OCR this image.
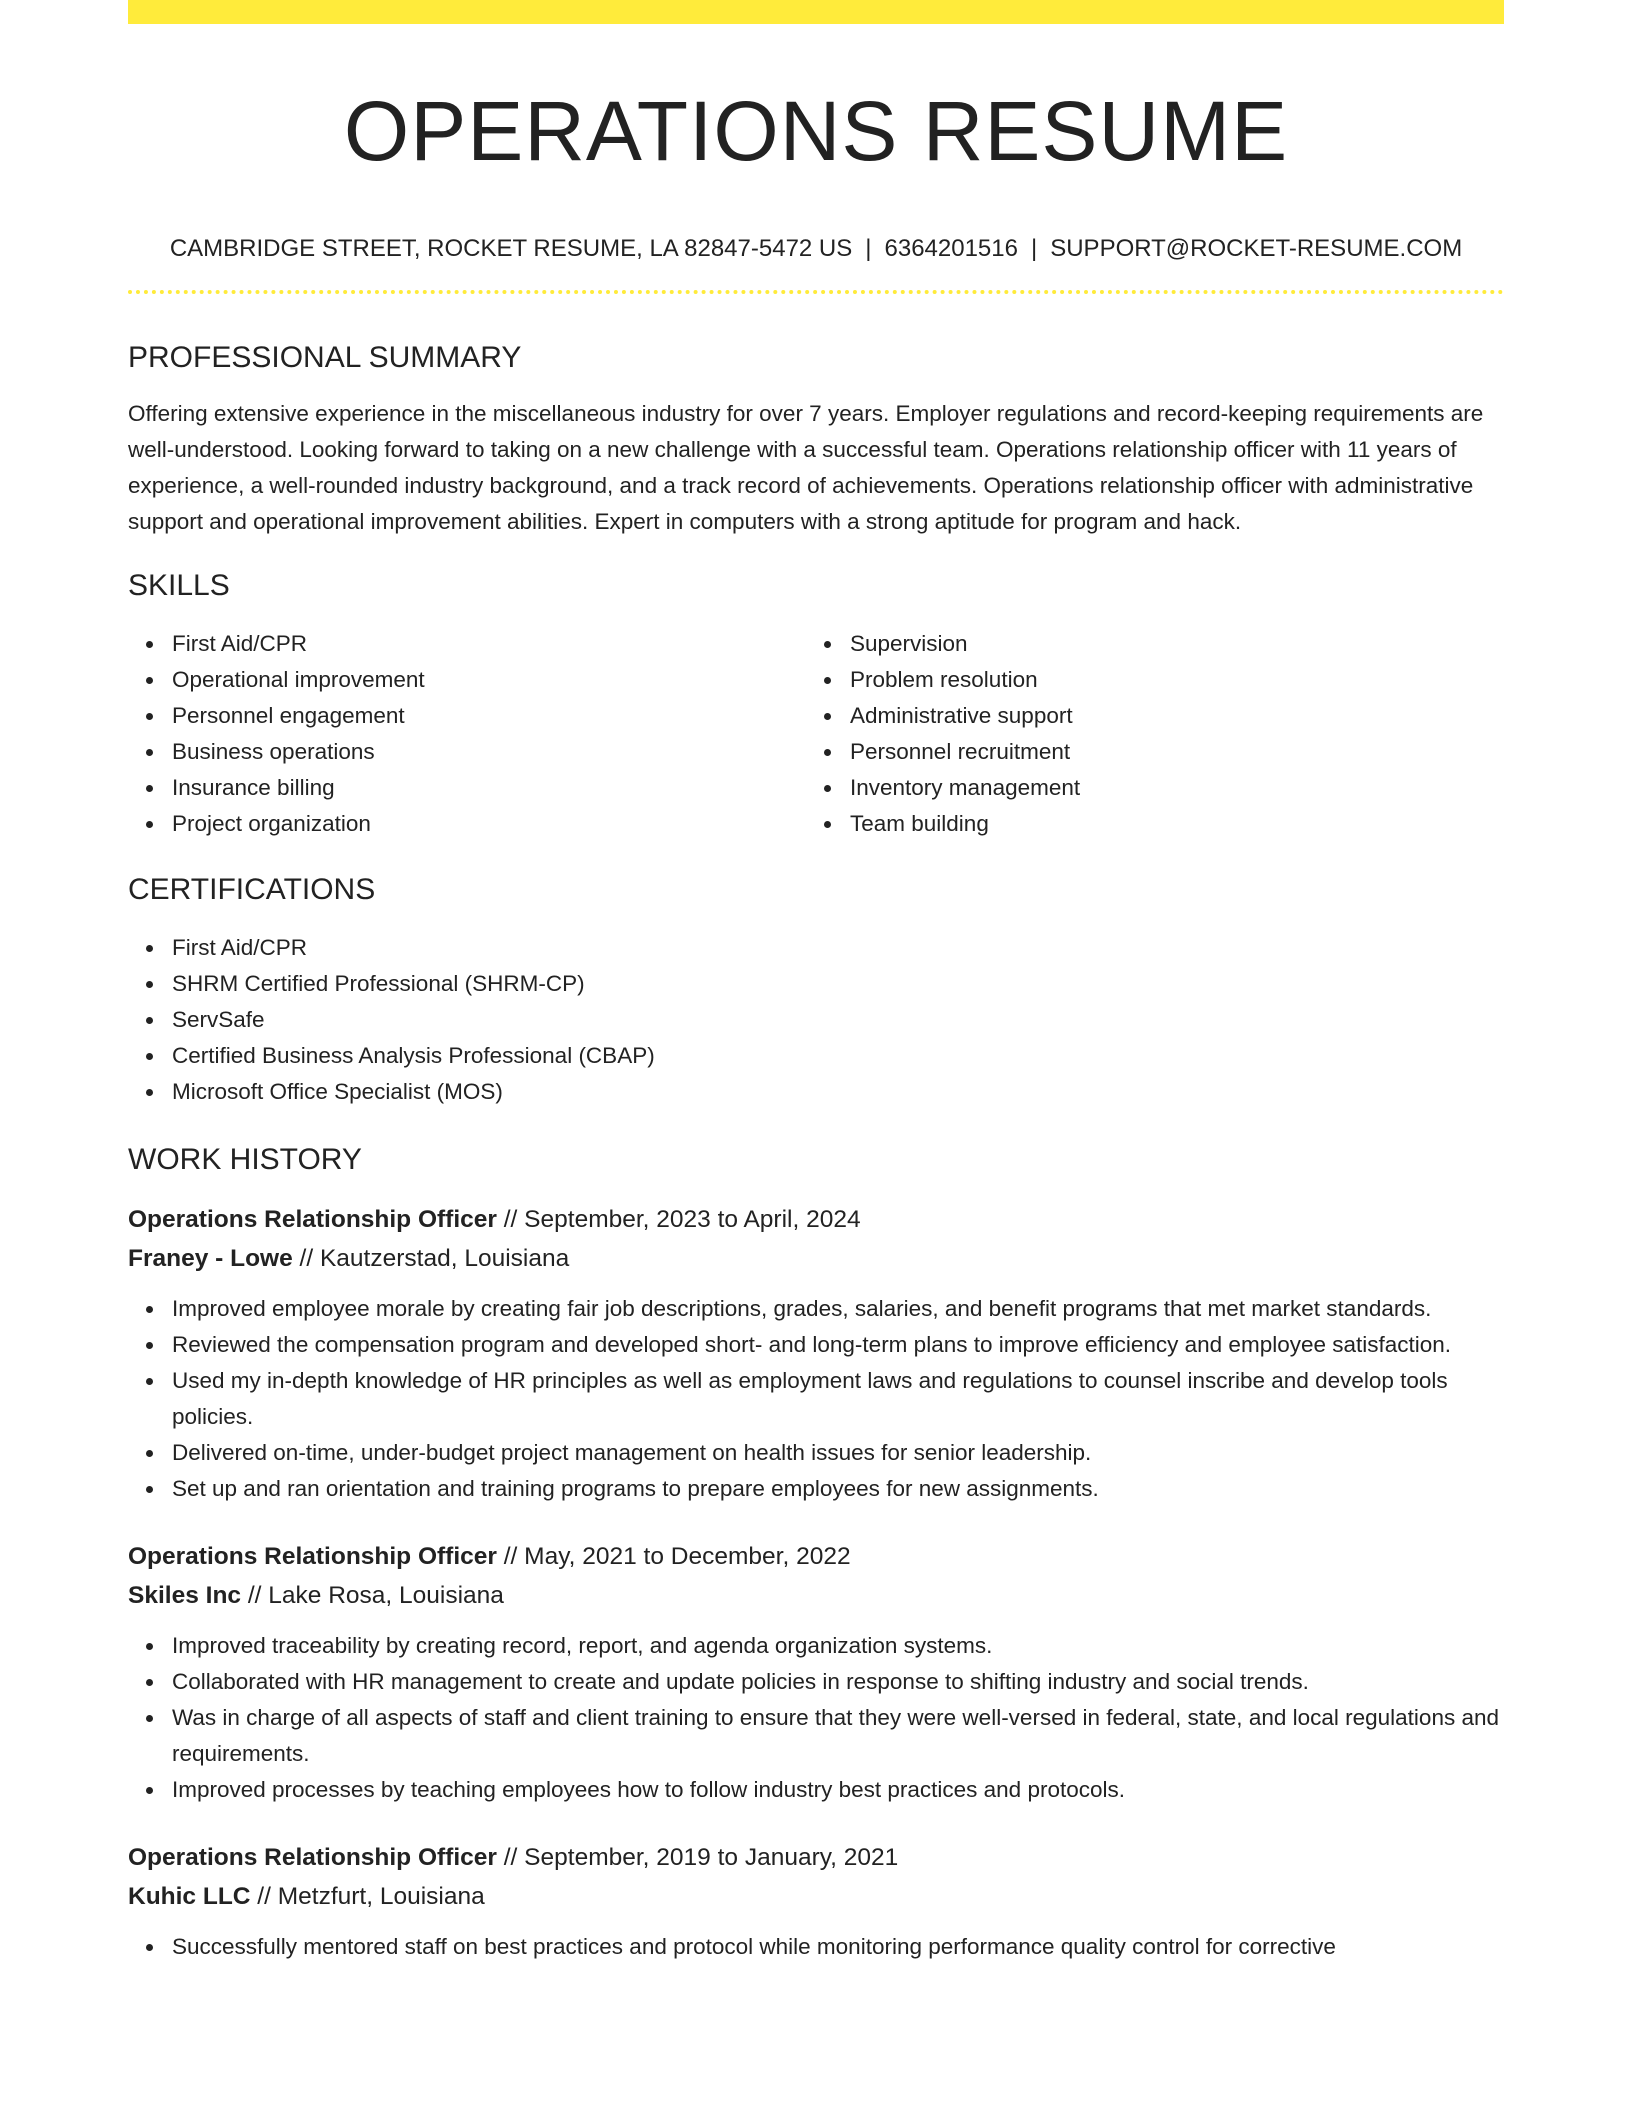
OPERATIONS RESUME
CAMBRIDGE STREET, ROCKET RESUME, LA 82847-5472 US | 6364201516 | SUPPORT@ROCKET-RESUME.COM
PROFESSIONAL SUMMARY

Offering extensive experience in the miscellaneous industry for over 7 years. Employer regulations and record-keeping requirements are well-understood. Looking forward to taking on a new challenge with a successful team. Operations relationship officer with 11 years of experience, a well-rounded industry background, and a track record of achievements. Operations relationship officer with administrative support and operational improvement abilities. Expert in computers with a strong aptitude for program and hack.

SKILLS
First Aid/CPR
Operational improvement
Personnel engagement
Business operations
Insurance billing
Project organization
Supervision
Problem resolution
Administrative support
Personnel recruitment
Inventory management
Team building
CERTIFICATIONS
First Aid/CPR
SHRM Certified Professional (SHRM-CP)
ServSafe
Certified Business Analysis Professional (CBAP)
Microsoft Office Specialist (MOS)
WORK HISTORY
Operations Relationship Officer // September, 2023 to April, 2024
Franey - Lowe // Kautzerstad, Louisiana
Improved employee morale by creating fair job descriptions, grades, salaries, and benefit programs that met market standards.
Reviewed the compensation program and developed short- and long-term plans to improve efficiency and employee satisfaction.
Used my in-depth knowledge of HR principles as well as employment laws and regulations to counsel inscribe and develop tools policies.
Delivered on-time, under-budget project management on health issues for senior leadership.
Set up and ran orientation and training programs to prepare employees for new assignments.
Operations Relationship Officer // May, 2021 to December, 2022
Skiles Inc // Lake Rosa, Louisiana
Improved traceability by creating record, report, and agenda organization systems.
Collaborated with HR management to create and update policies in response to shifting industry and social trends.
Was in charge of all aspects of staff and client training to ensure that they were well-versed in federal, state, and local regulations and requirements.
Improved processes by teaching employees how to follow industry best practices and protocols.
Operations Relationship Officer // September, 2019 to January, 2021
Kuhic LLC // Metzfurt, Louisiana
Successfully mentored staff on best practices and protocol while monitoring performance quality control for corrective
